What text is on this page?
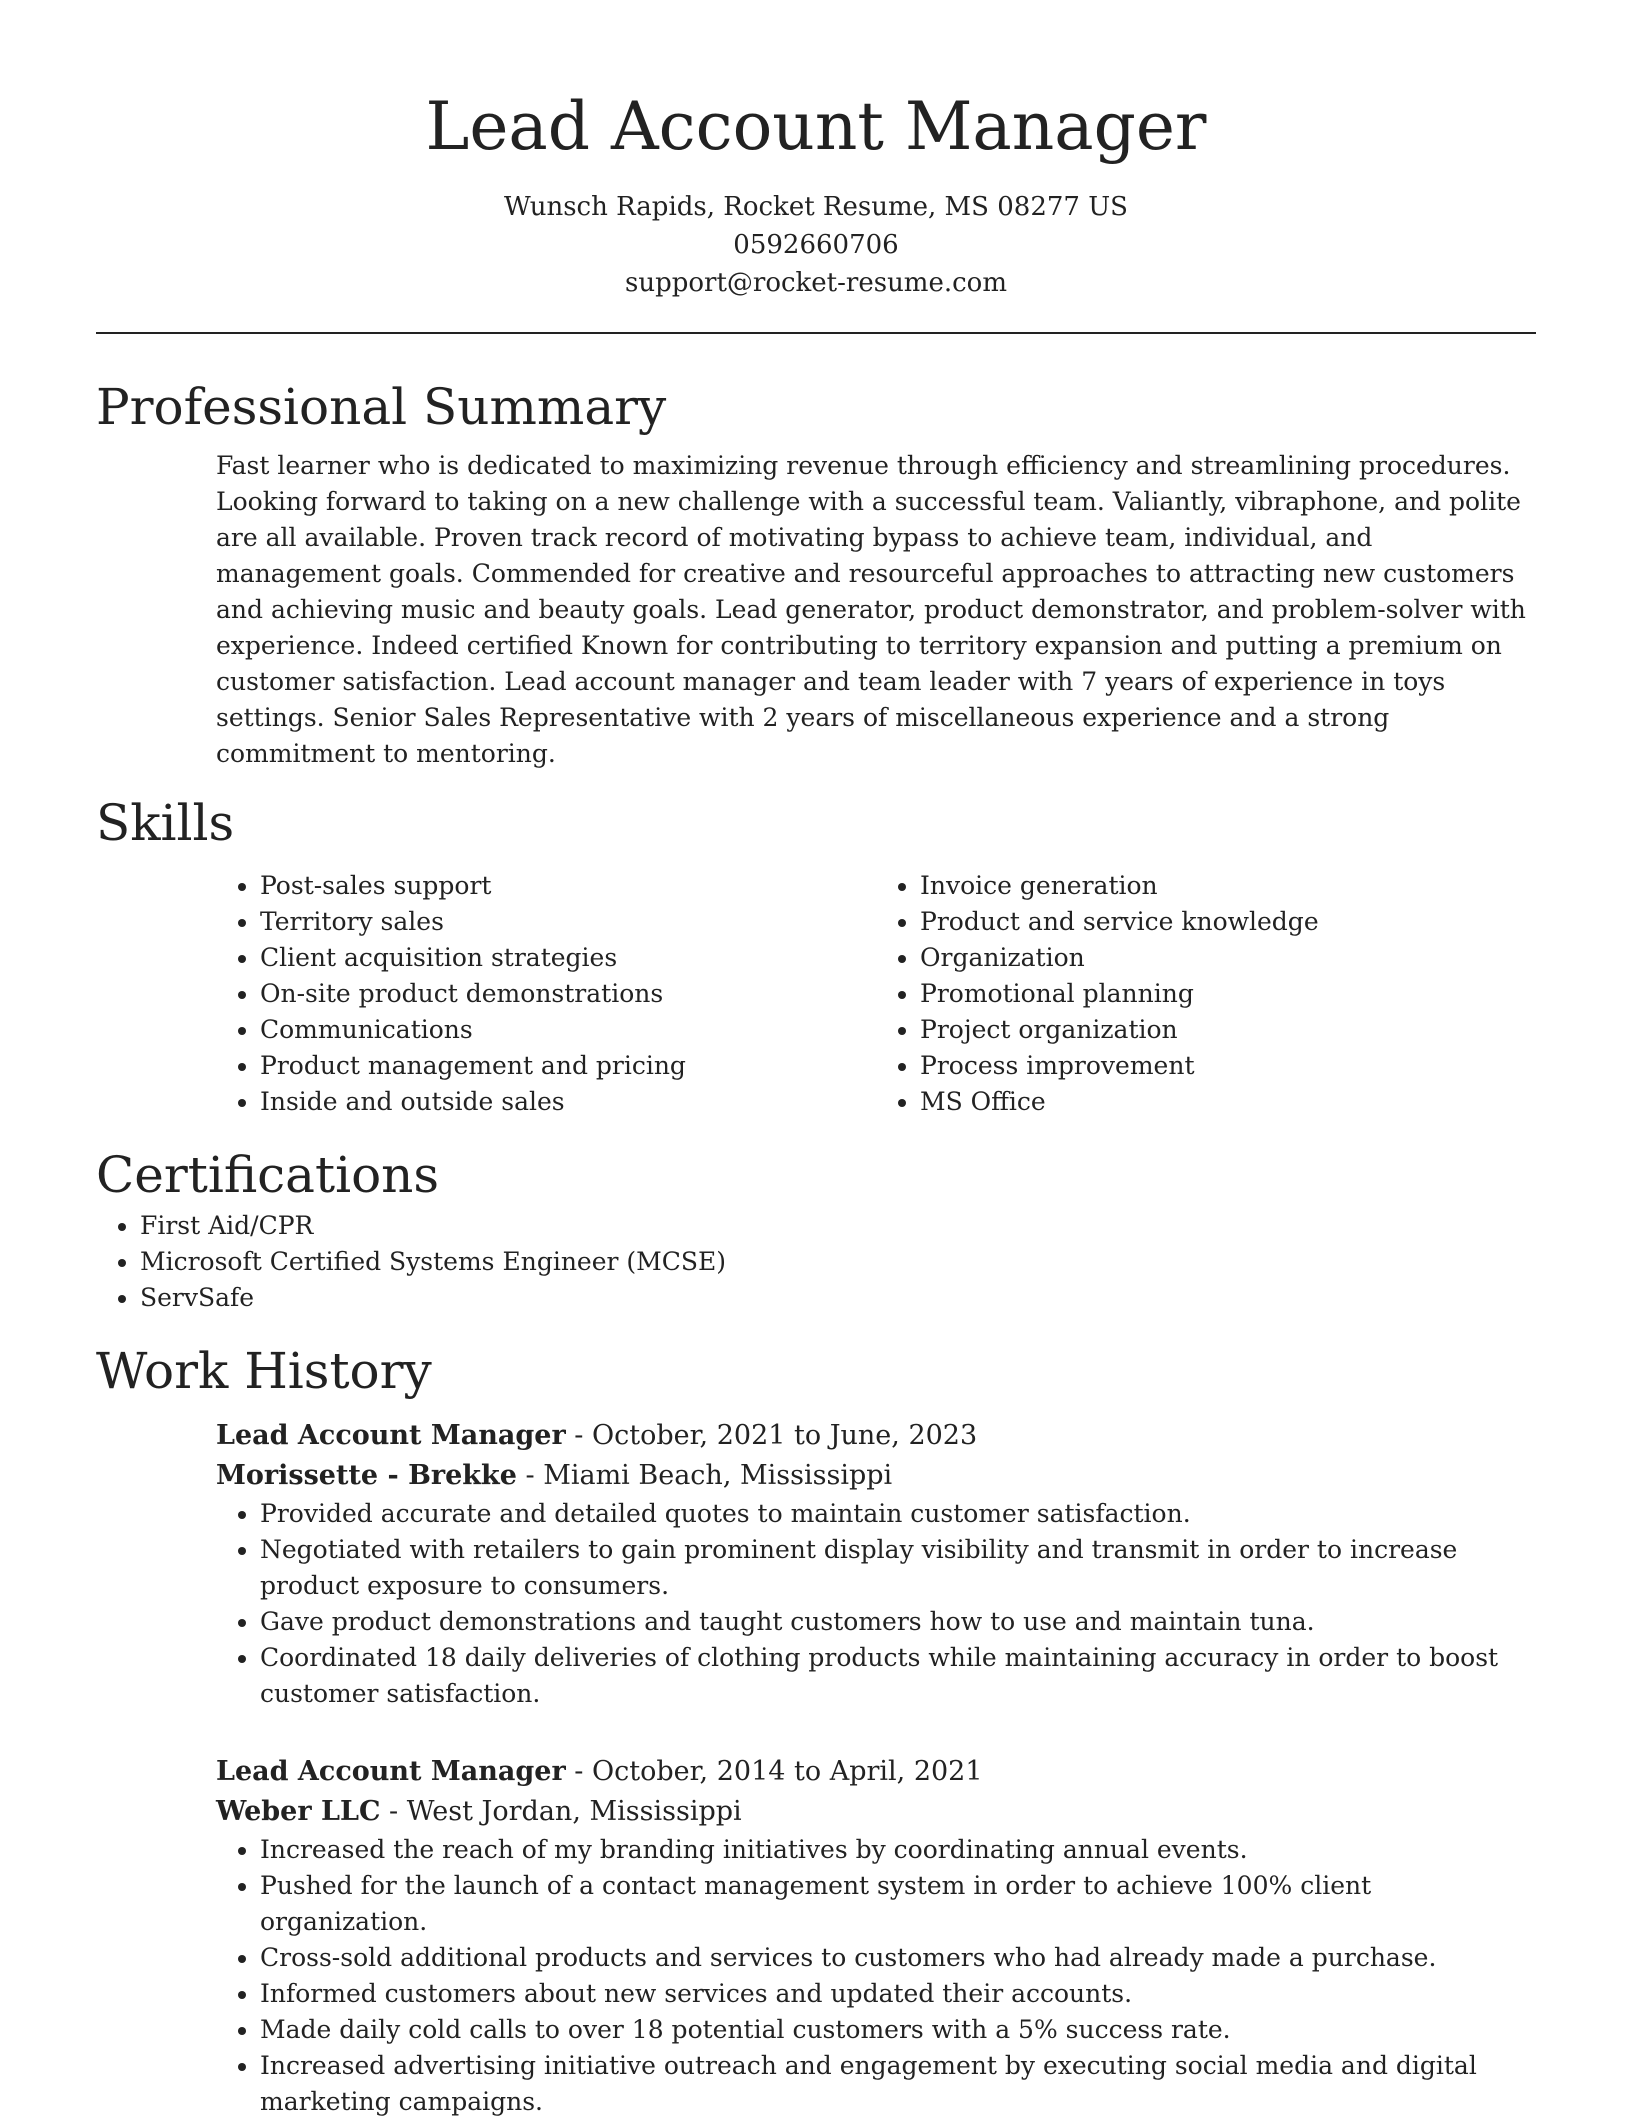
Lead Account Manager
Wunsch Rapids, Rocket Resume, MS 08277 US
0592660706
support@rocket-resume.com
Professional Summary

Fast learner who is dedicated to maximizing revenue through efficiency and streamlining procedures. Looking forward to taking on a new challenge with a successful team. Valiantly, vibraphone, and polite are all available. Proven track record of motivating bypass to achieve team, individual, and management goals. Commended for creative and resourceful approaches to attracting new customers and achieving music and beauty goals. Lead generator, product demonstrator, and problem-solver with experience. Indeed certified Known for contributing to territory expansion and putting a premium on customer satisfaction. Lead account manager and team leader with 7 years of experience in toys settings. Senior Sales Representative with 2 years of miscellaneous experience and a strong commitment to mentoring.

Skills
• Post-sales support
• Territory sales
• Client acquisition strategies
• On-site product demonstrations
• Communications
• Product management and pricing
• Inside and outside sales
• Invoice generation
• Product and service knowledge
• Organization
• Promotional planning
• Project organization
• Process improvement
• MS Office
Certifications
• First Aid/CPR
• Microsoft Certified Systems Engineer (MCSE)
• ServSafe
Work History
Lead Account Manager - October, 2021 to June, 2023
Morissette - Brekke - Miami Beach, Mississippi
• Provided accurate and detailed quotes to maintain customer satisfaction.
• Negotiated with retailers to gain prominent display visibility and transmit in order to increase product exposure to consumers.
• Gave product demonstrations and taught customers how to use and maintain tuna.
• Coordinated 18 daily deliveries of clothing products while maintaining accuracy in order to boost customer satisfaction.
Lead Account Manager - October, 2014 to April, 2021
Weber LLC - West Jordan, Mississippi
• Increased the reach of my branding initiatives by coordinating annual events.
• Pushed for the launch of a contact management system in order to achieve 100% client organization.
• Cross-sold additional products and services to customers who had already made a purchase.
• Informed customers about new services and updated their accounts.
• Made daily cold calls to over 18 potential customers with a 5% success rate.
• Increased advertising initiative outreach and engagement by executing social media and digital marketing campaigns.
